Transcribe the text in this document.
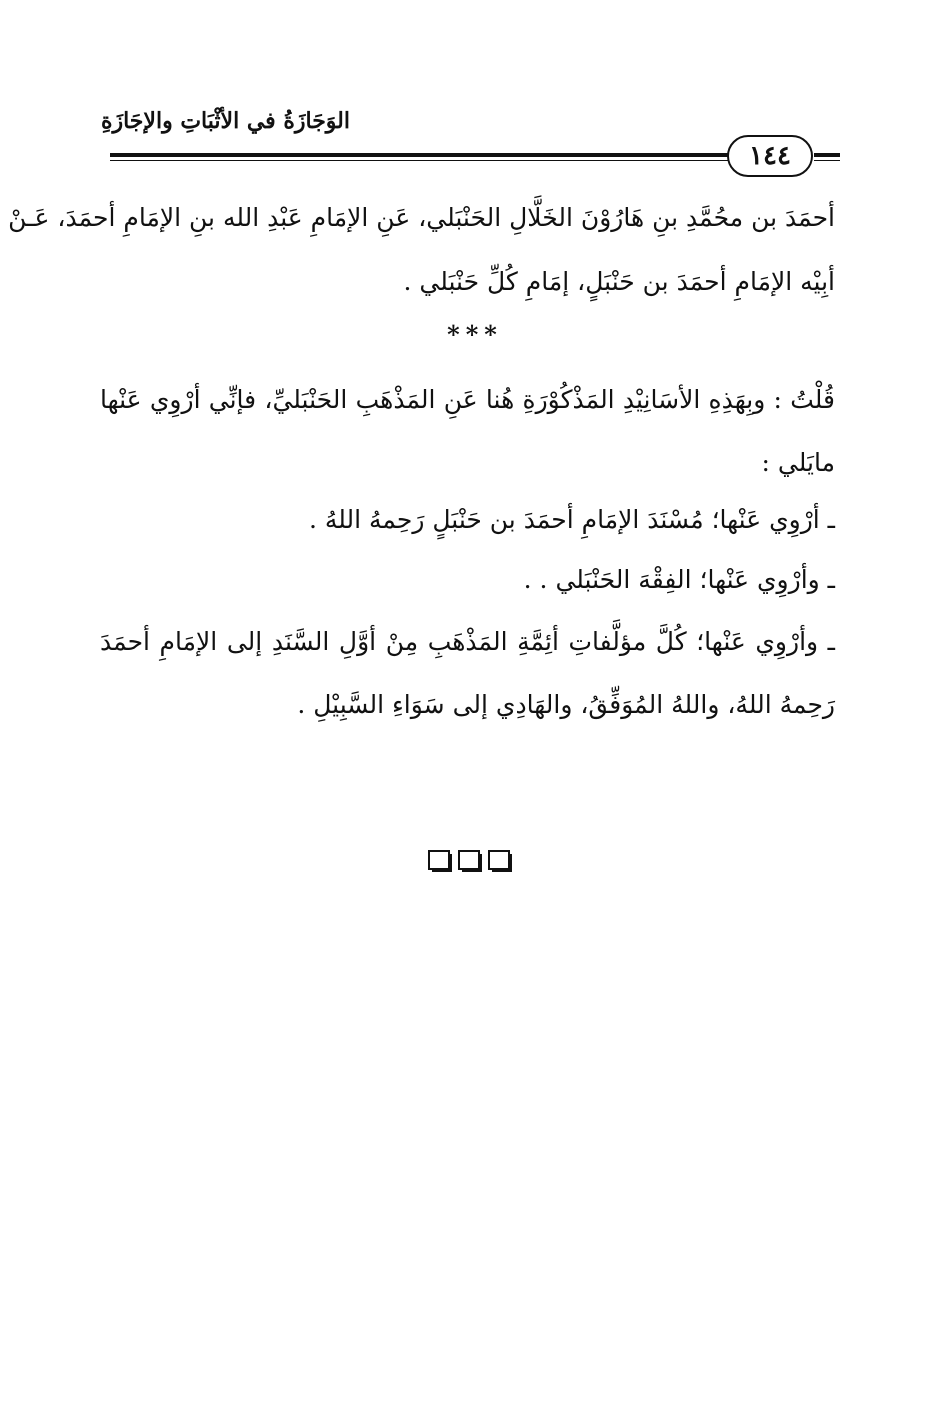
الوَجَازَةُ في الأثْبَاتِ والإجَازَةِ
١٤٤
أحمَدَ بن محُمَّدِ بنِ هَارُوْنَ الخَلَّالِ الحَنْبَلي، عَنِ الإمَامِ عَبْدِ الله بنِ الإمَامِ أحمَدَ، عَـنْ
أبِيْه الإمَامِ أحمَدَ بن حَنْبَلٍ، إمَامِ كُلِّ حَنْبَلي .
***
قُلْتُ : وبِهَذِهِ الأسَانِيْدِ المَذْكُوْرَةِ هُنا عَنِ المَذْهَبِ الحَنْبَليِّ، فإنِّي أرْوِي عَنْها
مايَلي :
ـ أرْوِي عَنْها؛ مُسْنَدَ الإمَامِ أحمَدَ بن حَنْبَلٍ رَحِمهُ اللهُ .
ـ وأرْوِي عَنْها؛ الفِقْهَ الحَنْبَلي . .
ـ وأرْوِي عَنْها؛ كُلَّ مؤلَّفاتِ أئِمَّةِ المَذْهَبِ مِنْ أوَّلِ السَّنَدِ إلى الإمَامِ أحمَدَ
رَحِمهُ اللهُ، واللهُ المُوَفِّقُ، والهَادِي إلى سَوَاءِ السَّبِيْلِ .
